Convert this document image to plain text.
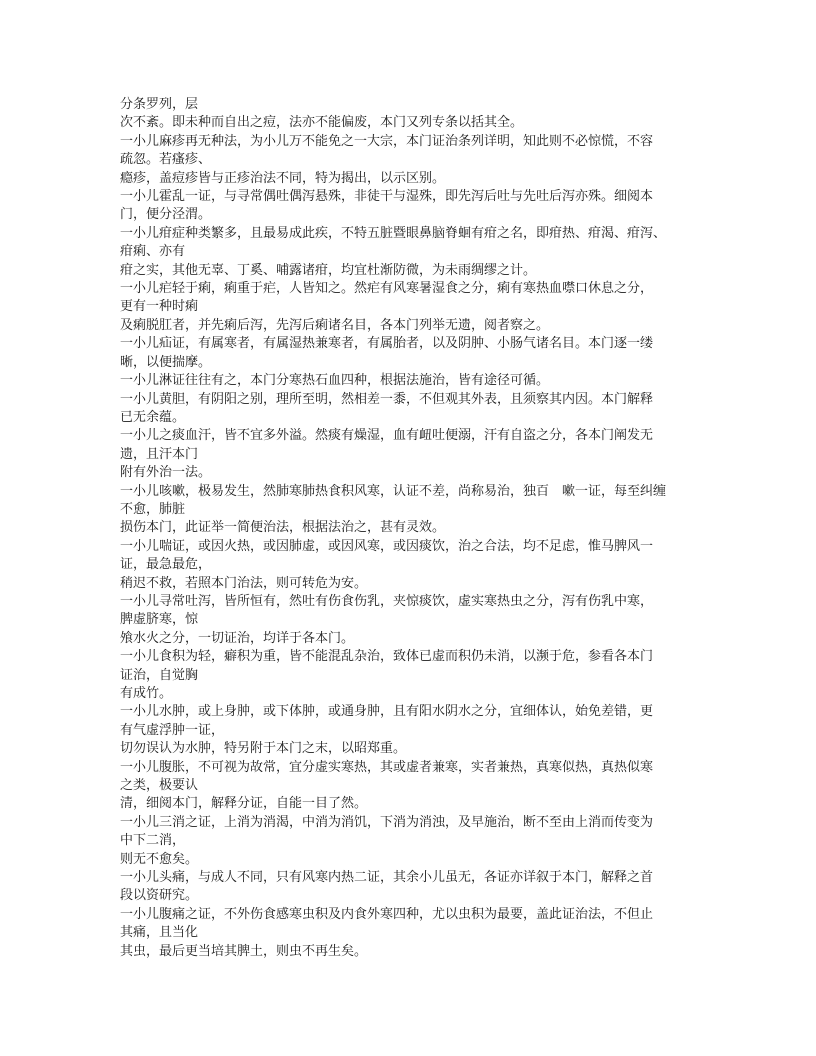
分条罗列，层

次不紊。即未种而自出之痘，法亦不能偏废，本门又列专条以括其全。

一小儿麻疹再无种法，为小儿万不能免之一大宗，本门证治条列详明，知此则不必惊慌，不容

疏忽。若瘙疹、

瘾疹，盖痘疹皆与正疹治法不同，特为揭出，以示区别。

一小儿霍乱一证，与寻常偶吐偶泻悬殊，非徒干与湿殊，即先泻后吐与先吐后泻亦殊。细阅本

门，便分泾渭。

一小儿疳症种类繁多，且最易成此疾，不特五脏暨眼鼻脑脊蛔有疳之名，即疳热、疳渴、疳泻、

疳痢、亦有

疳之实，其他无辜、丁奚、哺露诸疳，均宜杜渐防微，为未雨绸缪之计。

一小儿疟轻于痢，痢重于疟，人皆知之。然疟有风寒暑湿食之分，痢有寒热血噤口休息之分，

更有一种时痢

及痢脱肛者，并先痢后泻，先泻后痢诸名目，各本门列举无遗，阅者察之。

一小儿疝证，有属寒者，有属湿热兼寒者，有属胎者，以及阴肿、小肠气诸名目。本门逐一缕

晰，以便揣摩。

一小儿淋证往往有之，本门分寒热石血四种，根据法施治，皆有途径可循。

一小儿黄胆，有阴阳之别，理所至明，然相差一黍，不但观其外表，且须察其内因。本门解释

已无余蕴。

一小儿之痰血汗，皆不宜多外溢。然痰有燥湿，血有衄吐便溺，汗有自盗之分，各本门阐发无

遗，且汗本门

附有外治一法。

一小儿咳嗽，极易发生，然肺寒肺热食积风寒，认证不差，尚称易治，独百　嗽一证，每至纠缠

不愈，肺脏

损伤本门，此证举一简便治法，根据法治之，甚有灵效。

一小儿喘证，或因火热，或因肺虚，或因风寒，或因痰饮，治之合法，均不足虑，惟马脾风一

证，最急最危，

稍迟不救，若照本门治法，则可转危为安。

一小儿寻常吐泻，皆所恒有，然吐有伤食伤乳，夹惊痰饮，虚实寒热虫之分，泻有伤乳中寒，

脾虚脐寒，惊

飧水火之分，一切证治，均详于各本门。

一小儿食积为轻，癖积为重，皆不能混乱杂治，致体已虚而积仍未消，以濒于危，参看各本门

证治，自觉胸

有成竹。

一小儿水肿，或上身肿，或下体肿，或通身肿，且有阳水阴水之分，宜细体认，始免差错，更

有气虚浮肿一证，

切勿误认为水肿，特另附于本门之末，以昭郑重。

一小儿腹胀，不可视为故常，宜分虚实寒热，其或虚者兼寒，实者兼热，真寒似热，真热似寒

之类，极要认

清，细阅本门，解释分证，自能一目了然。

一小儿三消之证，上消为消渴，中消为消饥，下消为消浊，及早施治，断不至由上消而传变为

中下二消，

则无不愈矣。

一小儿头痛，与成人不同，只有风寒内热二证，其余小儿虽无，各证亦详叙于本门，解释之首

段以资研究。

一小儿腹痛之证，不外伤食感寒虫积及内食外寒四种，尤以虫积为最要，盖此证治法，不但止

其痛，且当化

其虫，最后更当培其脾土，则虫不再生矣。
